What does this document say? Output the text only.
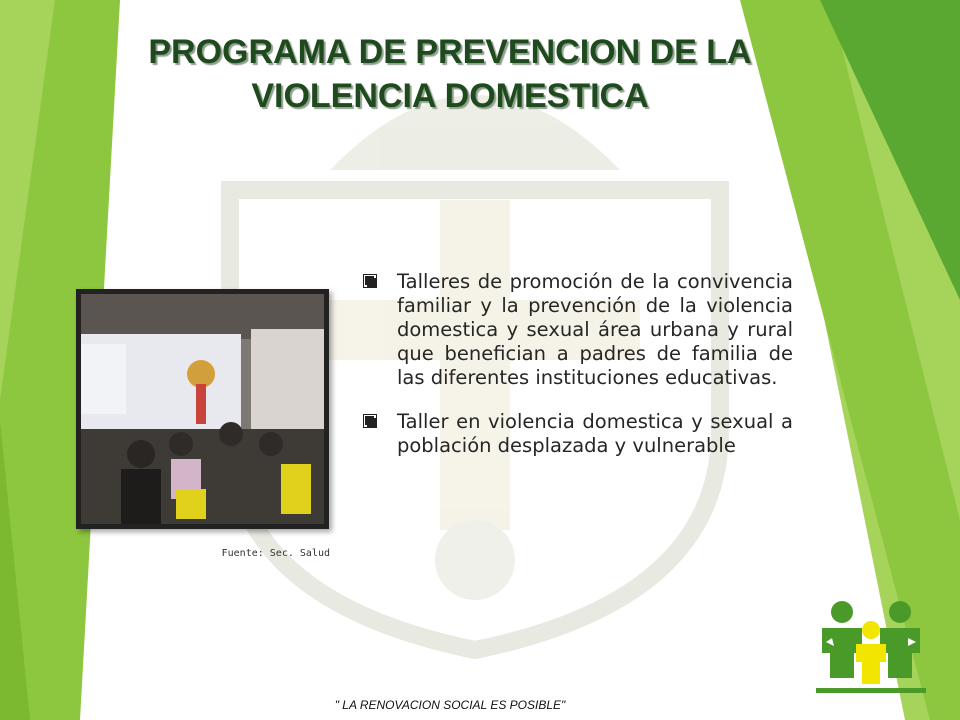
PROGRAMA DE PREVENCION DE LA
VIOLENCIA DOMESTICA
Fuente: Sec. Salud
Talleres de promoción de la convivencia familiar y la prevención de la violencia domestica y sexual área urbana y rural que benefician a padres de familia de las diferentes instituciones educativas.
Taller en violencia domestica y sexual a población desplazada y vulnerable
" LA RENOVACION SOCIAL ES POSIBLE"
